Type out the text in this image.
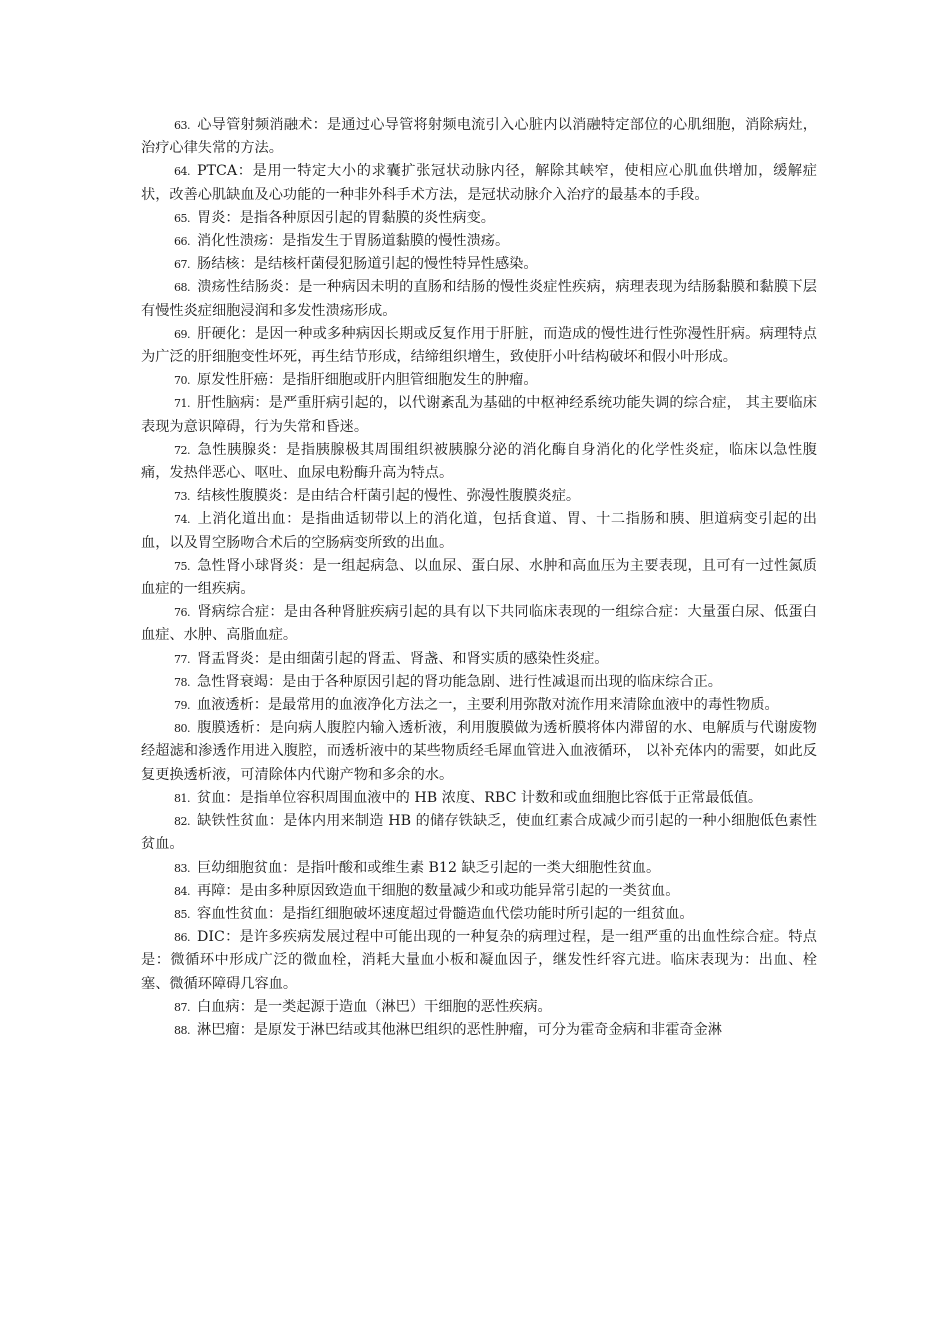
63. 心导管射频消融术：是通过心导管将射频电流引入心脏内以消融特定部位的心肌细胞，消除病灶，治疗心律失常的方法。

64. PTCA：是用一特定大小的求囊扩张冠状动脉内径，解除其峡窄，使相应心肌血供增加，缓解症状，改善心肌缺血及心功能的一种非外科手术方法，是冠状动脉介入治疗的最基本的手段。

65. 胃炎：是指各种原因引起的胃黏膜的炎性病变。

66. 消化性溃疡：是指发生于胃肠道黏膜的慢性溃疡。

67. 肠结核：是结核杆菌侵犯肠道引起的慢性特异性感染。

68. 溃疡性结肠炎：是一种病因未明的直肠和结肠的慢性炎症性疾病，病理表现为结肠黏膜和黏膜下层有慢性炎症细胞浸润和多发性溃疡形成。

69. 肝硬化：是因一种或多种病因长期或反复作用于肝脏，而造成的慢性进行性弥漫性肝病。病理特点为广泛的肝细胞变性坏死，再生结节形成，结缔组织增生，致使肝小叶结构破坏和假小叶形成。

70. 原发性肝癌：是指肝细胞或肝内胆管细胞发生的肿瘤。

71. 肝性脑病：是严重肝病引起的，以代谢紊乱为基础的中枢神经系统功能失调的综合症， 其主要临床表现为意识障碍，行为失常和昏迷。

72. 急性胰腺炎：是指胰腺极其周围组织被胰腺分泌的消化酶自身消化的化学性炎症，临床以急性腹痛，发热伴恶心、呕吐、血尿电粉酶升高为特点。

73. 结核性腹膜炎：是由结合杆菌引起的慢性、弥漫性腹膜炎症。

74. 上消化道出血：是指曲适韧带以上的消化道，包括食道、胃、十二指肠和胰、胆道病变引起的出血，以及胃空肠吻合术后的空肠病变所致的出血。

75. 急性肾小球肾炎：是一组起病急、以血尿、蛋白尿、水肿和高血压为主要表现，且可有一过性氮质血症的一组疾病。

76. 肾病综合症：是由各种肾脏疾病引起的具有以下共同临床表现的一组综合症：大量蛋白尿、低蛋白血症、水肿、高脂血症。

77. 肾盂肾炎：是由细菌引起的肾盂、肾盏、和肾实质的感染性炎症。

78. 急性肾衰竭：是由于各种原因引起的肾功能急剧、进行性减退而出现的临床综合正。

79. 血液透析：是最常用的血液净化方法之一，主要利用弥散对流作用来清除血液中的毒性物质。

80. 腹膜透析：是向病人腹腔内输入透析液，利用腹膜做为透析膜将体内滞留的水、电解质与代谢废物经超滤和渗透作用进入腹腔，而透析液中的某些物质经毛犀血管进入血液循环， 以补充体内的需要，如此反复更换透析液，可清除体内代谢产物和多余的水。

81. 贫血：是指单位容积周围血液中的 HB 浓度、RBC 计数和或血细胞比容低于正常最低值。

82. 缺铁性贫血：是体内用来制造 HB 的储存铁缺乏，使血红素合成减少而引起的一种小细胞低色素性贫血。

83. 巨幼细胞贫血：是指叶酸和或维生素 B12 缺乏引起的一类大细胞性贫血。

84. 再障：是由多种原因致造血干细胞的数量减少和或功能异常引起的一类贫血。

85. 容血性贫血：是指红细胞破坏速度超过骨髓造血代偿功能时所引起的一组贫血。

86. DIC：是许多疾病发展过程中可能出现的一种复杂的病理过程，是一组严重的出血性综合症。特点是：微循环中形成广泛的微血栓，消耗大量血小板和凝血因子，继发性纤容亢进。临床表现为：出血、栓塞、微循环障碍几容血。

87. 白血病：是一类起源于造血（淋巴）干细胞的恶性疾病。

88. 淋巴瘤：是原发于淋巴结或其他淋巴组织的恶性肿瘤，可分为霍奇金病和非霍奇金淋
